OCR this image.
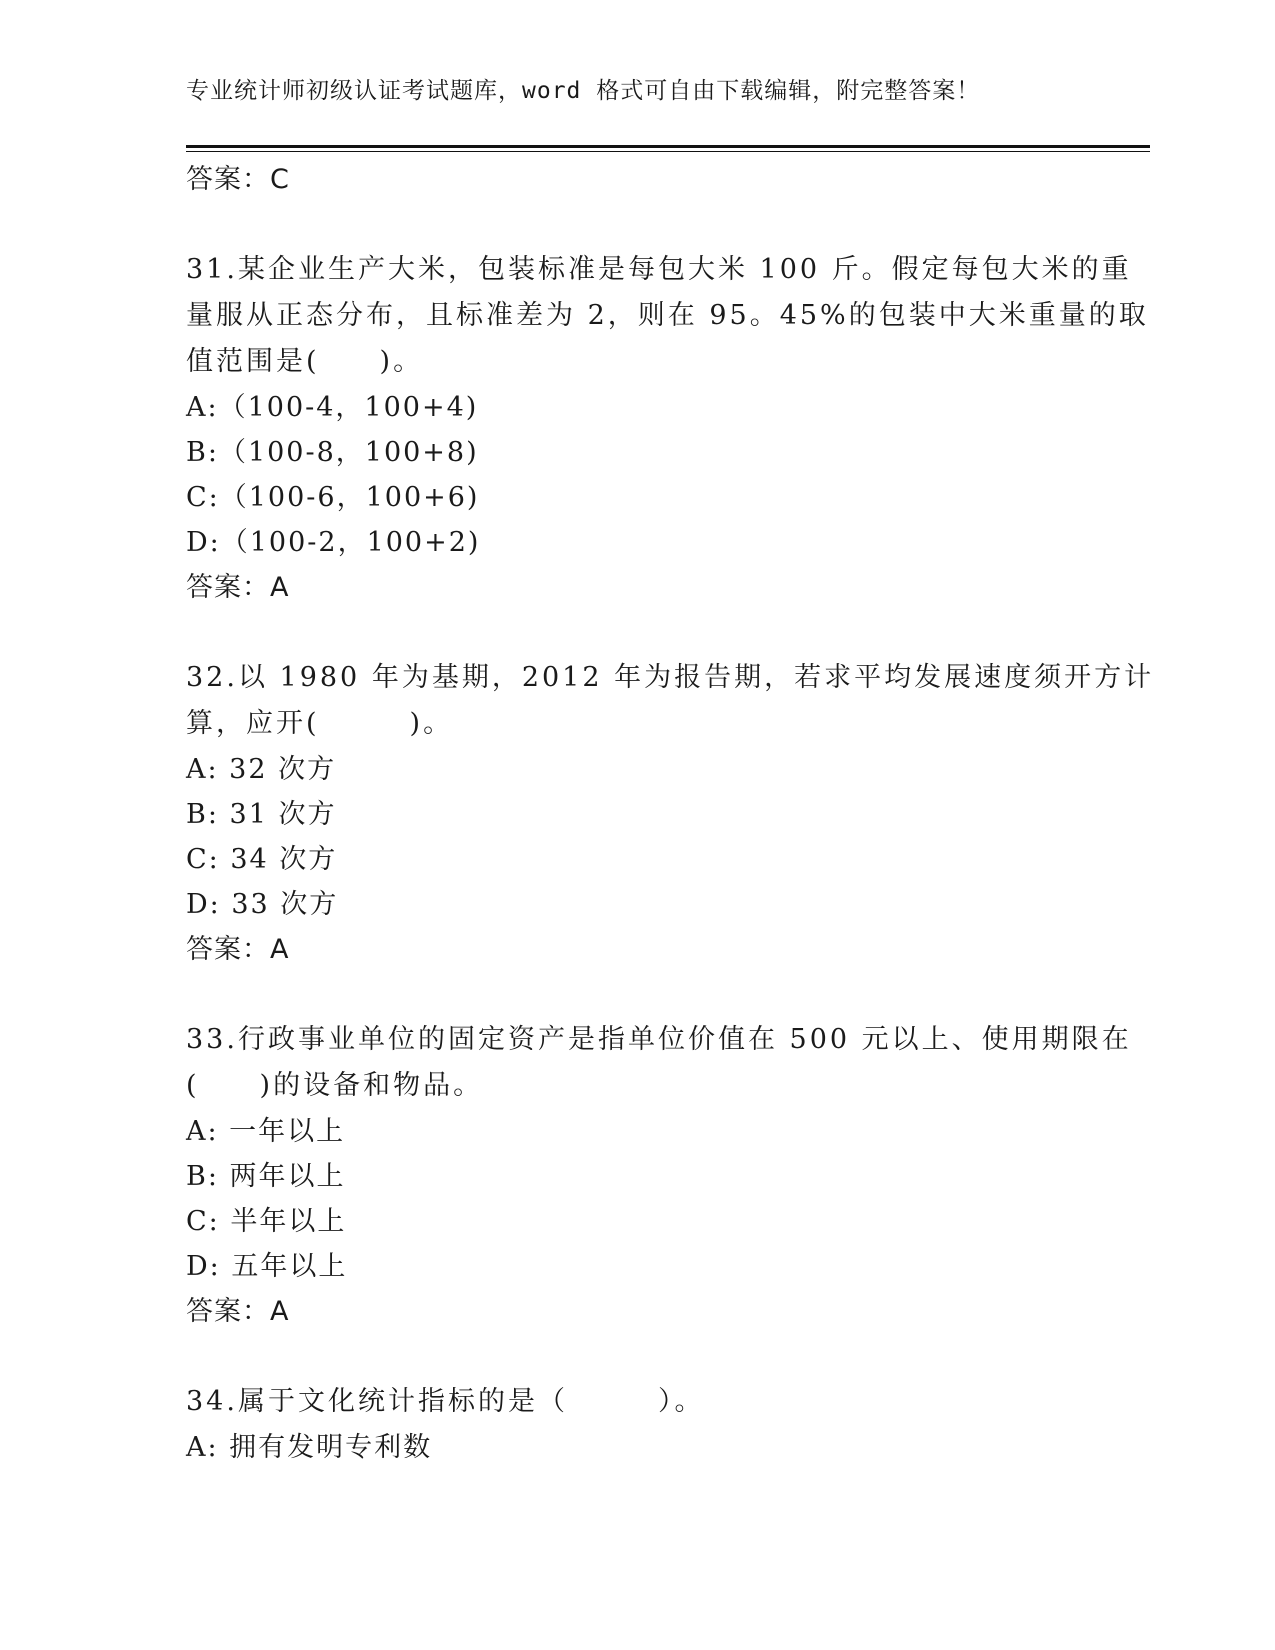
专业统计师初级认证考试题库，word 格式可自由下载编辑，附完整答案！
答案：C
31.某企业生产大米，包装标准是每包大米 100 斤。假定每包大米的重
量服从正态分布，且标准差为 2，则在 95。45%的包装中大米重量的取
值范围是(　　)。
A:（100-4，100+4)
B:（100-8，100+8)
C:（100-6，100+6)
D:（100-2，100+2)
答案：A
32.以 1980 年为基期，2012 年为报告期，若求平均发展速度须开方计
算，应开(　　　)。
A: 32 次方
B: 31 次方
C: 34 次方
D: 33 次方
答案：A
33.行政事业单位的固定资产是指单位价值在 500 元以上、使用期限在
(　　)的设备和物品。
A: 一年以上
B: 两年以上
C: 半年以上
D: 五年以上
答案：A
34.属于文化统计指标的是（　　　）。
A: 拥有发明专利数
